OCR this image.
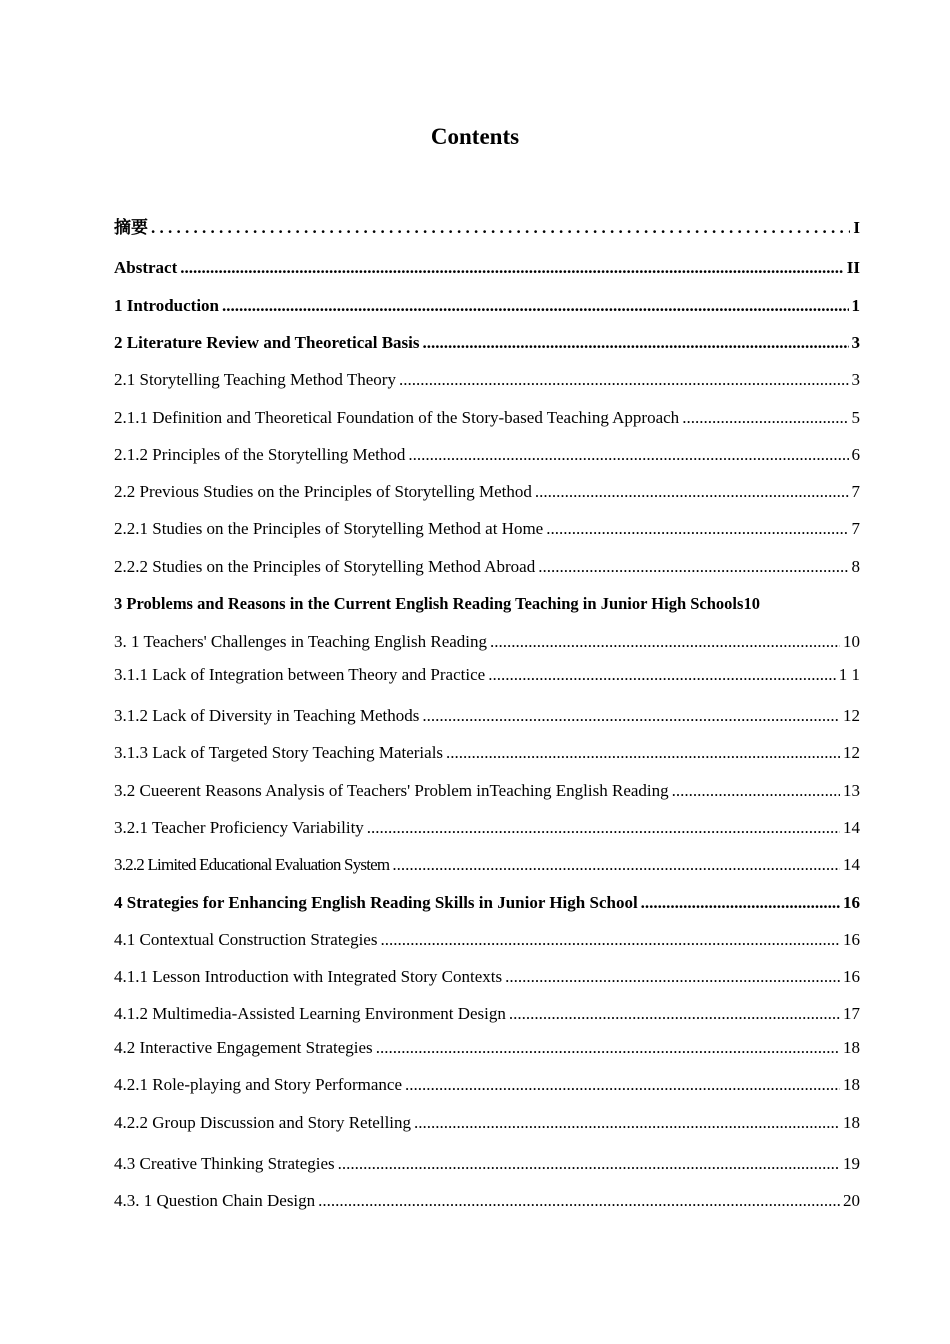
Contents
摘要 . . .	I
Abstract .....	II
1 Introduction .....	1
2 Literature Review and Theoretical Basis .....	3
2.1 Storytelling Teaching Method Theory .....	3
2.1.1 Definition and Theoretical Foundation of the Story-based Teaching Approach .....	5
2.1.2 Principles of the Storytelling Method .....	6
2.2 Previous Studies on the Principles of Storytelling Method .....	7
2.2.1 Studies on the Principles of Storytelling Method at Home .....	7
2.2.2 Studies on the Principles of Storytelling Method Abroad .....	8
3 Problems and Reasons in the Current English Reading Teaching in Junior High Schools 10
3. 1 Teachers' Challenges in Teaching English Reading .....	10
3.1.1 Lack of Integration between Theory and Practice .....	1 1
3.1.2 Lack of Diversity in Teaching Methods .....	12
3.1.3 Lack of Targeted Story Teaching Materials .....	12
3.2 Cueerent Reasons Analysis of Teachers' Problem inTeaching English Reading .....	13
3.2.1 Teacher Proficiency Variability .....	14
3.2.2 Limited Educational Evaluation System .....	14
4 Strategies for Enhancing English Reading Skills in Junior High School .....	16
4.1 Contextual Construction Strategies .....	16
4.1.1 Lesson Introduction with Integrated Story Contexts .....	16
4.1.2 Multimedia-Assisted Learning Environment Design .....	17
4.2 Interactive Engagement Strategies .....	18
4.2.1 Role-playing and Story Performance .....	18
4.2.2 Group Discussion and Story Retelling .....	18
4.3 Creative Thinking Strategies .....	19
4.3. 1 Question Chain Design .....	20
